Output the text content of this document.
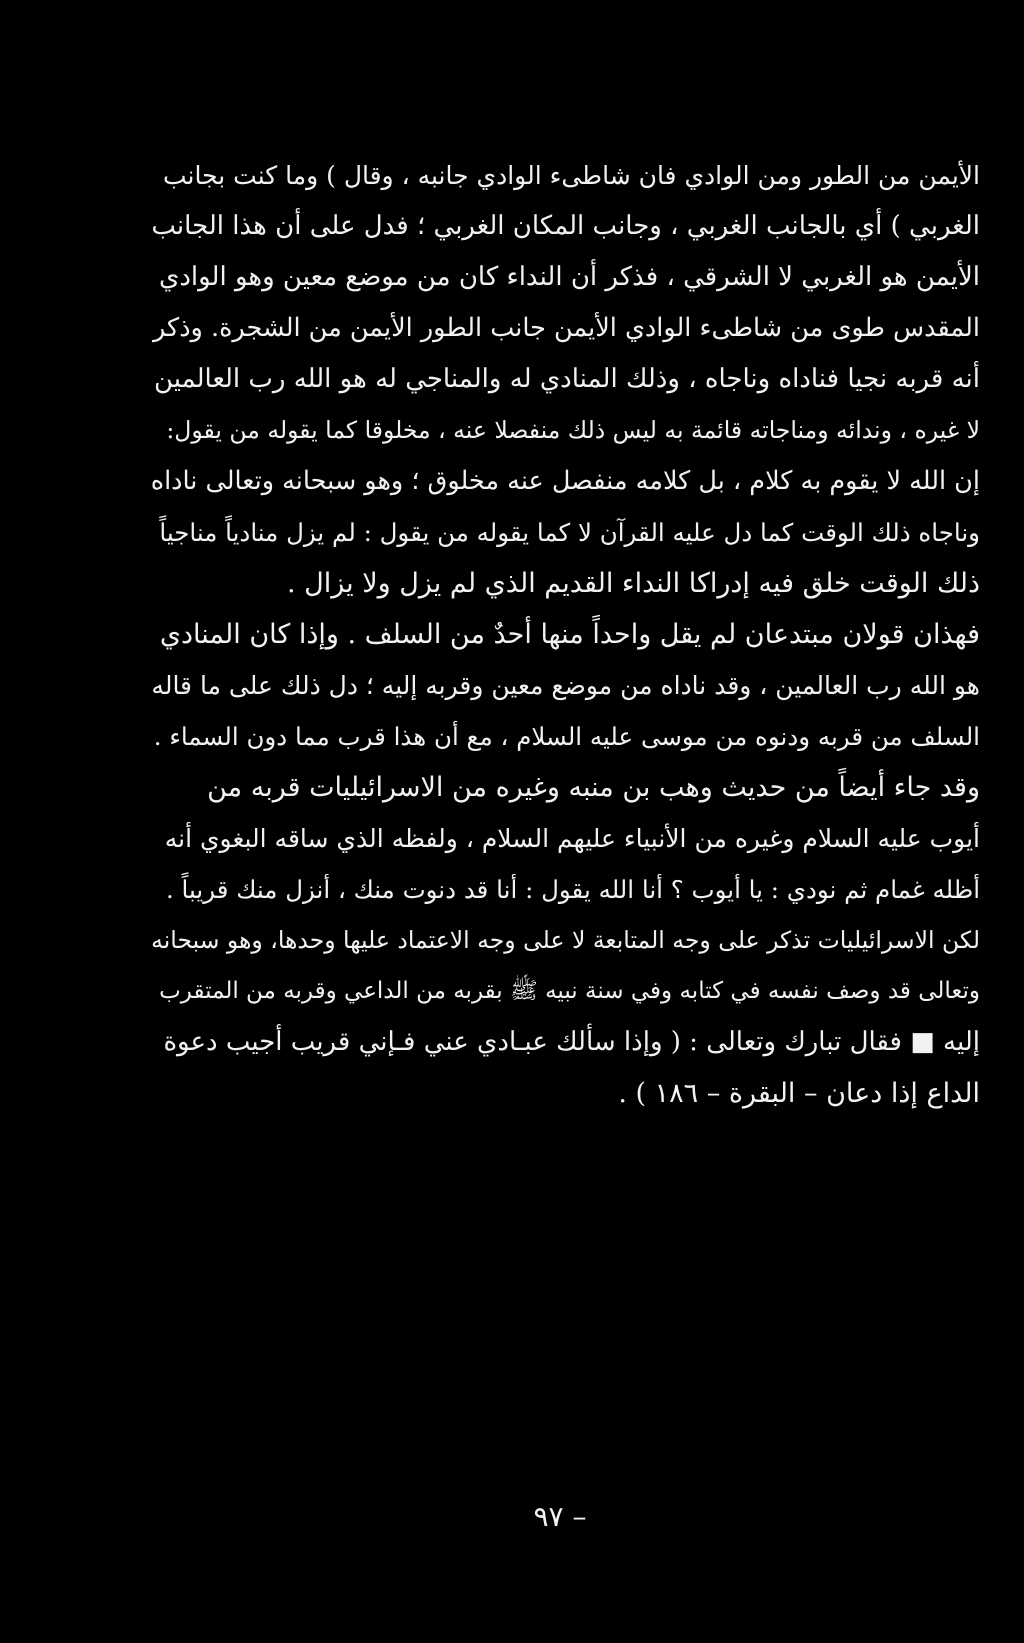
الأيمن من الطور ومن الوادي فان شاطىء الوادي جانبه ، وقال ) وما كنت بجانب
الغربي ) أي بالجانب الغربي ، وجانب المكان الغربي ؛ فدل على أن هذا الجانب
الأيمن هو الغربي لا الشرقي ، فذكر أن النداء كان من موضع معين وهو الوادي
المقدس طوى من شاطىء الوادي الأيمن جانب الطور الأيمن من الشجرة. وذكر
أنه قربه نجيا فناداه وناجاه ، وذلك المنادي له والمناجي له هو الله رب العالمين
لا غيره ، وندائه ومناجاته قائمة به ليس ذلك منفصلا عنه ، مخلوقا كما يقوله من يقول:
إن الله لا يقوم به كلام ، بل كلامه منفصل عنه مخلوق ؛ وهو سبحانه وتعالى ناداه
وناجاه ذلك الوقت كما دل عليه القرآن لا كما يقوله من يقول : لم يزل منادياً مناجياً
ذلك الوقت خلق فيه إدراكا النداء القديم الذي لم يزل ولا يزال .

فهذان قولان مبتدعان لم يقل واحداً منها أحدٌ من السلف . وإذا كان المنادي
هو الله رب العالمين ، وقد ناداه من موضع معين وقربه إليه ؛ دل ذلك على ما قاله
السلف من قربه ودنوه من موسى عليه السلام ، مع أن هذا قرب مما دون السماء .

وقد جاء أيضاً من حديث وهب بن منبه وغيره من الاسرائيليات قربه من
أيوب عليه السلام وغيره من الأنبياء عليهم السلام ، ولفظه الذي ساقه البغوي أنه
أظله غمام ثم نودي : يا أيوب ؟ أنا الله يقول : أنا قد دنوت منك ، أنزل منك قريباً .
لكن الاسرائيليات تذكر على وجه المتابعة لا على وجه الاعتماد عليها وحدها، وهو سبحانه
وتعالى قد وصف نفسه في كتابه وفي سنة نبيه ﷺ بقربه من الداعي وقربه من المتقرب
إليه ■ فقال تبارك وتعالى : ( وإذا سألك عبـادي عني فـإني قريب أجيب دعوة
الداع إذا دعان – البقرة – ١٨٦ ) .

– ٩٧
